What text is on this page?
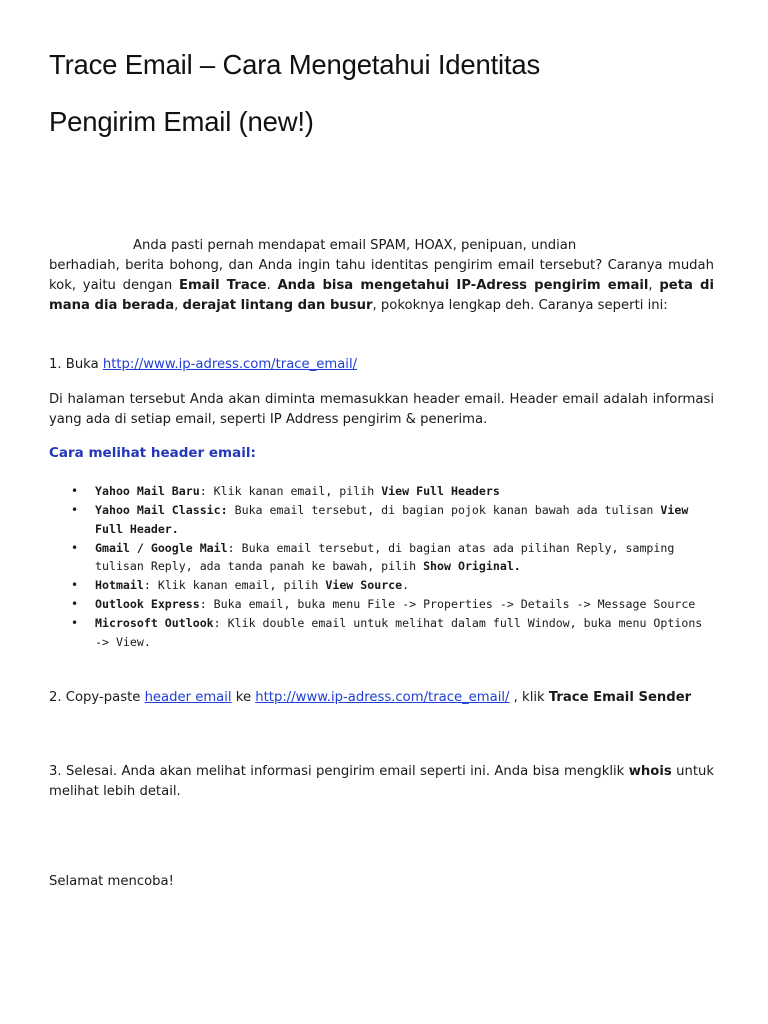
Trace Email – Cara Mengetahui Identitas
Pengirim Email (new!)

Anda pasti pernah mendapat email SPAM, HOAX, penipuan, undian
berhadiah, berita bohong, dan Anda ingin tahu identitas pengirim email tersebut? Caranya mudah kok, yaitu dengan Email Trace. Anda bisa mengetahui IP-Adress pengirim email, peta di mana dia berada, derajat lintang dan busur, pokoknya lengkap deh. Caranya seperti ini:

1. Buka http://www.ip-adress.com/trace_email/

Di halaman tersebut Anda akan diminta memasukkan header email. Header email adalah informasi yang ada di setiap email, seperti IP Address pengirim & penerima.

Cara melihat header email:

• Yahoo Mail Baru: Klik kanan email, pilih View Full Headers
• Yahoo Mail Classic: Buka email tersebut, di bagian pojok kanan bawah ada tulisan View Full Header.
• Gmail / Google Mail: Buka email tersebut, di bagian atas ada pilihan Reply, samping tulisan Reply, ada tanda panah ke bawah, pilih Show Original.
• Hotmail: Klik kanan email, pilih View Source.
• Outlook Express: Buka email, buka menu File -> Properties -> Details -> Message Source
• Microsoft Outlook: Klik double email untuk melihat dalam full Window, buka menu Options -> View.

2. Copy-paste header email ke http://www.ip-adress.com/trace_email/ , klik Trace Email Sender

3. Selesai. Anda akan melihat informasi pengirim email seperti ini. Anda bisa mengklik whois untuk melihat lebih detail.

Selamat mencoba!
